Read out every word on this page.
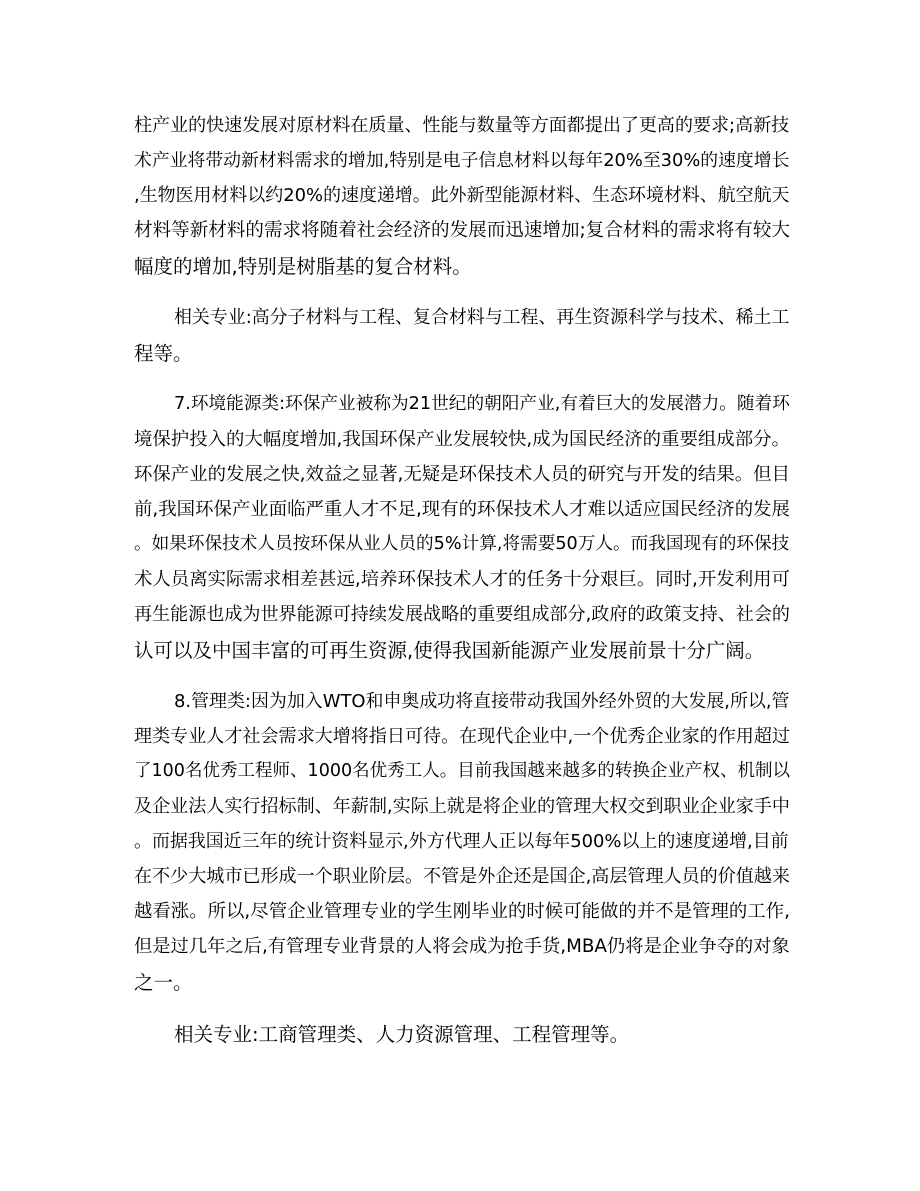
柱产业的快速发展对原材料在质量、性能与数量等方面都提出了更高的要求;高新技

术产业将带动新材料需求的增加,特别是电子信息材料以每年20%至30%的速度增长

,生物医用材料以约20%的速度递增。此外新型能源材料、生态环境材料、航空航天

材料等新材料的需求将随着社会经济的发展而迅速增加;复合材料的需求将有较大

幅度的增加,特别是树脂基的复合材料。

相关专业:高分子材料与工程、复合材料与工程、再生资源科学与技术、稀土工

程等。

7.环境能源类:环保产业被称为21世纪的朝阳产业,有着巨大的发展潜力。随着环

境保护投入的大幅度增加,我国环保产业发展较快,成为国民经济的重要组成部分。

环保产业的发展之快,效益之显著,无疑是环保技术人员的研究与开发的结果。但目

前,我国环保产业面临严重人才不足,现有的环保技术人才难以适应国民经济的发展

。如果环保技术人员按环保从业人员的5%计算,将需要50万人。而我国现有的环保技

术人员离实际需求相差甚远,培养环保技术人才的任务十分艰巨。同时,开发利用可

再生能源也成为世界能源可持续发展战略的重要组成部分,政府的政策支持、社会的

认可以及中国丰富的可再生资源,使得我国新能源产业发展前景十分广阔。

8.管理类:因为加入WTO和申奥成功将直接带动我国外经外贸的大发展,所以,管

理类专业人才社会需求大增将指日可待。在现代企业中,一个优秀企业家的作用超过

了100名优秀工程师、1000名优秀工人。目前我国越来越多的转换企业产权、机制以

及企业法人实行招标制、年薪制,实际上就是将企业的管理大权交到职业企业家手中

。而据我国近三年的统计资料显示,外方代理人正以每年500%以上的速度递增,目前

在不少大城市已形成一个职业阶层。不管是外企还是国企,高层管理人员的价值越来

越看涨。所以,尽管企业管理专业的学生刚毕业的时候可能做的并不是管理的工作,

但是过几年之后,有管理专业背景的人将会成为抢手货,MBA仍将是企业争夺的对象

之一。

相关专业:工商管理类、人力资源管理、工程管理等。
